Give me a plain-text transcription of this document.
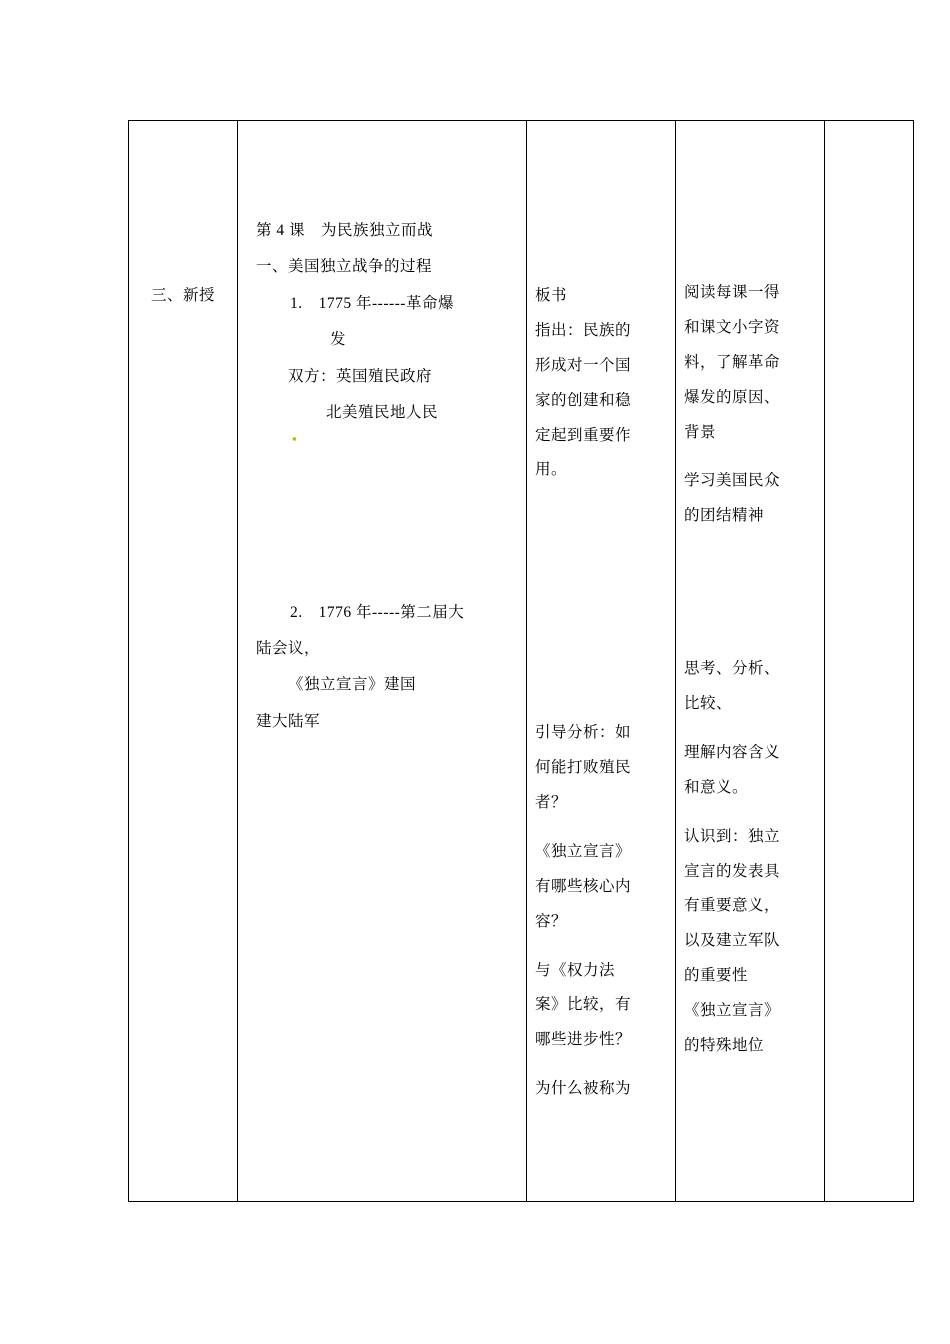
三、新授

第 4 课　为民族独立而战
一、美国独立战争的过程
1.　1775 年------革命爆
发
双方：英国殖民政府
北美殖民地人民
▪
2.　1776 年-----第二届大
陆会议，
《独立宣言》建国
建大陆军

板书
指出：民族的
形成对一个国
家的创建和稳
定起到重要作
用。
引导分析：如
何能打败殖民
者？
《独立宣言》
有哪些核心内
容？
与《权力法
案》比较，有
哪些进步性？
为什么被称为

阅读每课一得
和课文小字资
料，了解革命
爆发的原因、
背景
学习美国民众
的团结精神
思考、分析、
比较、
理解内容含义
和意义。
认识到：独立
宣言的发表具
有重要意义，
以及建立军队
的重要性
《独立宣言》
的特殊地位
